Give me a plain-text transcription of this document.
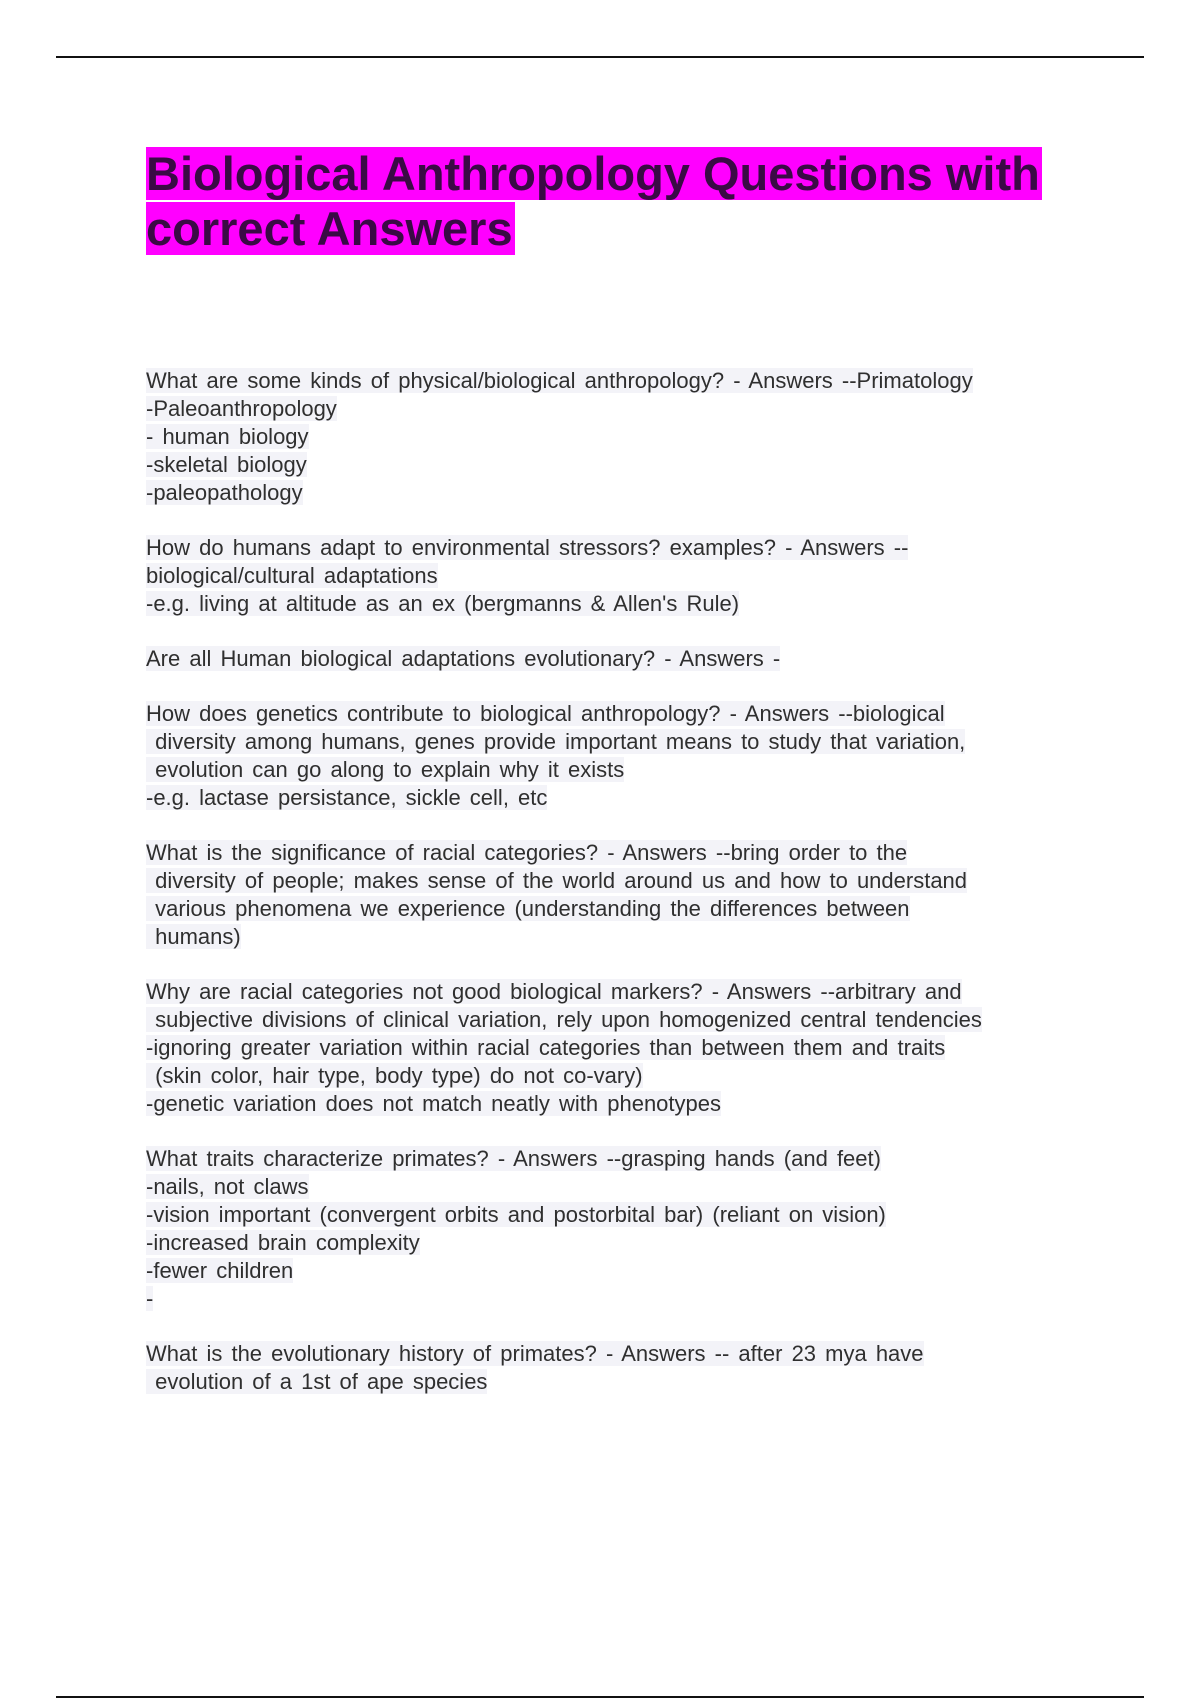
Biological Anthropology Questions with
correct Answers
What are some kinds of physical/biological anthropology? - Answers --Primatology
-Paleoanthropology
- human biology
-skeletal biology
-paleopathology
How do humans adapt to environmental stressors? examples? - Answers --
biological/cultural adaptations
-e.g. living at altitude as an ex (bergmanns & Allen's Rule)
Are all Human biological adaptations evolutionary? - Answers -
How does genetics contribute to biological anthropology? - Answers --biological
diversity among humans, genes provide important means to study that variation,
evolution can go along to explain why it exists
-e.g. lactase persistance, sickle cell, etc
What is the significance of racial categories? - Answers --bring order to the
diversity of people; makes sense of the world around us and how to understand
various phenomena we experience (understanding the differences between
humans)
Why are racial categories not good biological markers? - Answers --arbitrary and
subjective divisions of clinical variation, rely upon homogenized central tendencies
-ignoring greater variation within racial categories than between them and traits
(skin color, hair type, body type) do not co-vary)
-genetic variation does not match neatly with phenotypes
What traits characterize primates? - Answers --grasping hands (and feet)
-nails, not claws
-vision important (convergent orbits and postorbital bar) (reliant on vision)
-increased brain complexity
-fewer children
-
What is the evolutionary history of primates? - Answers -- after 23 mya have
evolution of a 1st of ape species
